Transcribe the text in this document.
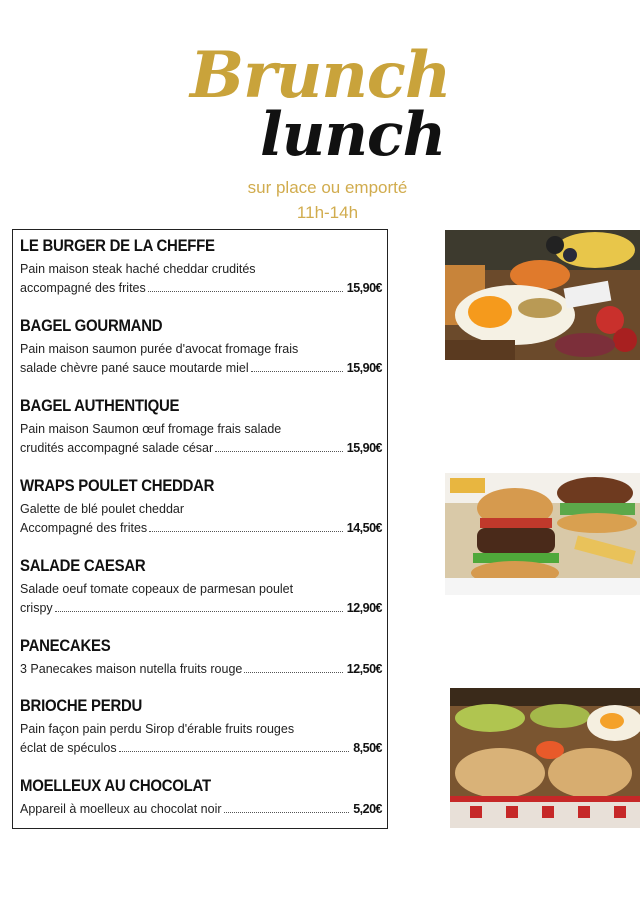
Brunch
lunch
sur place ou emporté
11h-14h
LE BURGER DE LA CHEFFE
Pain maison steak haché cheddar crudités
accompagné des frites	15,90€
BAGEL GOURMAND
Pain maison saumon purée d'avocat fromage frais
salade chèvre pané sauce moutarde miel	15,90€
BAGEL AUTHENTIQUE
Pain maison Saumon œuf fromage frais salade
crudités accompagné salade césar	15,90€
WRAPS POULET CHEDDAR
Galette de blé poulet cheddar
Accompagné des frites	14,50€
SALADE CAESAR
Salade oeuf tomate copeaux de parmesan poulet
crispy	12,90€
PANECAKES
3 Panecakes maison nutella fruits rouge	12,50€
BRIOCHE PERDU
Pain façon pain perdu Sirop d'érable fruits rouges
éclat de spéculos	8,50€
MOELLEUX AU CHOCOLAT
Appareil à moelleux au chocolat noir	5,20€
